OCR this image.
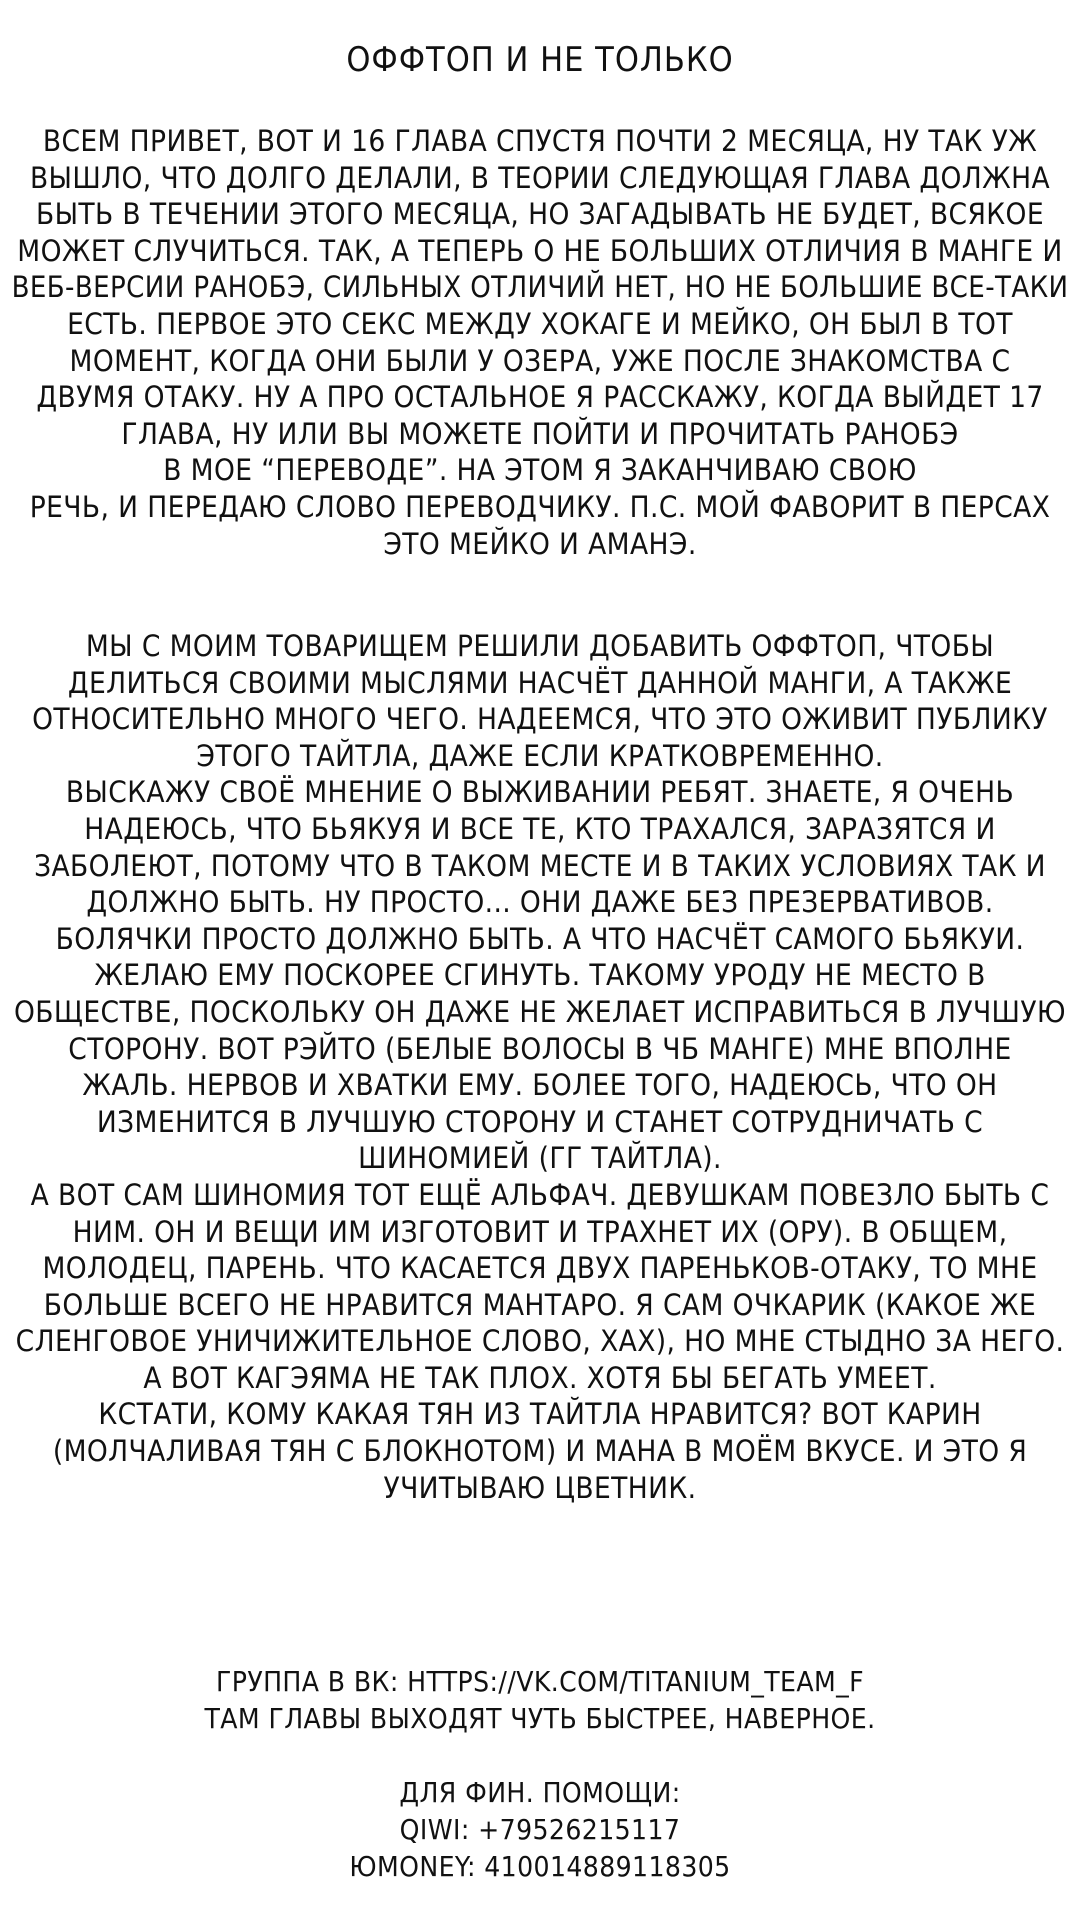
ОФФТОП И НЕ ТОЛЬКО
ВСЕМ ПРИВЕТ, ВОТ И 16 ГЛАВА СПУСТЯ ПОЧТИ 2 МЕСЯЦА, НУ ТАК УЖ
ВЫШЛО, ЧТО ДОЛГО ДЕЛАЛИ, В ТЕОРИИ СЛЕДУЮЩАЯ ГЛАВА ДОЛЖНА
БЫТЬ В ТЕЧЕНИИ ЭТОГО МЕСЯЦА, НО ЗАГАДЫВАТЬ НЕ БУДЕТ, ВСЯКОЕ
МОЖЕТ СЛУЧИТЬСЯ. ТАК, А ТЕПЕРЬ О НЕ БОЛЬШИХ ОТЛИЧИЯ В МАНГЕ И
ВЕБ-ВЕРСИИ РАНОБЭ, СИЛЬНЫХ ОТЛИЧИЙ НЕТ, НО НЕ БОЛЬШИЕ ВСЕ-ТАКИ
ЕСТЬ. ПЕРВОЕ ЭТО СЕКС МЕЖДУ ХОКАГЕ И МЕЙКО, ОН БЫЛ В ТОТ
МОМЕНТ, КОГДА ОНИ БЫЛИ У ОЗЕРА, УЖЕ ПОСЛЕ ЗНАКОМСТВА С
ДВУМЯ ОТАКУ. НУ А ПРО ОСТАЛЬНОЕ Я РАССКАЖУ, КОГДА ВЫЙДЕТ 17
ГЛАВА, НУ ИЛИ ВЫ МОЖЕТЕ ПОЙТИ И ПРОЧИТАТЬ РАНОБЭ
В МОЕ “ПЕРЕВОДЕ”. НА ЭТОМ Я ЗАКАНЧИВАЮ СВОЮ
РЕЧЬ, И ПЕРЕДАЮ СЛОВО ПЕРЕВОДЧИКУ. П.С. МОЙ ФАВОРИТ В ПЕРСАХ
ЭТО МЕЙКО И АМАНЭ.
МЫ С МОИМ ТОВАРИЩЕМ РЕШИЛИ ДОБАВИТЬ ОФФТОП, ЧТОБЫ
ДЕЛИТЬСЯ СВОИМИ МЫСЛЯМИ НАСЧЁТ ДАННОЙ МАНГИ, А ТАКЖЕ
ОТНОСИТЕЛЬНО МНОГО ЧЕГО. НАДЕЕМСЯ, ЧТО ЭТО ОЖИВИТ ПУБЛИКУ
ЭТОГО ТАЙТЛА, ДАЖЕ ЕСЛИ КРАТКОВРЕМЕННО.
ВЫСКАЖУ СВОЁ МНЕНИЕ О ВЫЖИВАНИИ РЕБЯТ. ЗНАЕТЕ, Я ОЧЕНЬ
НАДЕЮСЬ, ЧТО БЬЯКУЯ И ВСЕ ТЕ, КТО ТРАХАЛСЯ, ЗАРАЗЯТСЯ И
ЗАБОЛЕЮТ, ПОТОМУ ЧТО В ТАКОМ МЕСТЕ И В ТАКИХ УСЛОВИЯХ ТАК И
ДОЛЖНО БЫТЬ. НУ ПРОСТО... ОНИ ДАЖЕ БЕЗ ПРЕЗЕРВАТИВОВ.
БОЛЯЧКИ ПРОСТО ДОЛЖНО БЫТЬ. А ЧТО НАСЧЁТ САМОГО БЬЯКУИ.
ЖЕЛАЮ ЕМУ ПОСКОРЕЕ СГИНУТЬ. ТАКОМУ УРОДУ НЕ МЕСТО В
ОБЩЕСТВЕ, ПОСКОЛЬКУ ОН ДАЖЕ НЕ ЖЕЛАЕТ ИСПРАВИТЬСЯ В ЛУЧШУЮ
СТОРОНУ. ВОТ РЭЙТО (БЕЛЫЕ ВОЛОСЫ В ЧБ МАНГЕ) МНЕ ВПОЛНЕ
ЖАЛЬ. НЕРВОВ И ХВАТКИ ЕМУ. БОЛЕЕ ТОГО, НАДЕЮСЬ, ЧТО ОН
ИЗМЕНИТСЯ В ЛУЧШУЮ СТОРОНУ И СТАНЕТ СОТРУДНИЧАТЬ С
ШИНОМИЕЙ (ГГ ТАЙТЛА).
А ВОТ САМ ШИНОМИЯ ТОТ ЕЩЁ АЛЬФАЧ. ДЕВУШКАМ ПОВЕЗЛО БЫТЬ С
НИМ. ОН И ВЕЩИ ИМ ИЗГОТОВИТ И ТРАХНЕТ ИХ (ОРУ). В ОБЩЕМ,
МОЛОДЕЦ, ПАРЕНЬ. ЧТО КАСАЕТСЯ ДВУХ ПАРЕНЬКОВ-ОТАКУ, ТО МНЕ
БОЛЬШЕ ВСЕГО НЕ НРАВИТСЯ МАНТАРО. Я САМ ОЧКАРИК (КАКОЕ ЖЕ
СЛЕНГОВОЕ УНИЧИЖИТЕЛЬНОЕ СЛОВО, ХАХ), НО МНЕ СТЫДНО ЗА НЕГО.
А ВОТ КАГЭЯМА НЕ ТАК ПЛОХ. ХОТЯ БЫ БЕГАТЬ УМЕЕТ.
КСТАТИ, КОМУ КАКАЯ ТЯН ИЗ ТАЙТЛА НРАВИТСЯ? ВОТ КАРИН
(МОЛЧАЛИВАЯ ТЯН С БЛОКНОТОМ) И МАНА В МОЁМ ВКУСЕ. И ЭТО Я
УЧИТЫВАЮ ЦВЕТНИК.
ГРУППА В ВК: HTTPS://VK.COM/TITANIUM_TEAM_F
ТАМ ГЛАВЫ ВЫХОДЯТ ЧУТЬ БЫСТРЕЕ, НАВЕРНОЕ.
ДЛЯ ФИН. ПОМОЩИ:
QIWI: +79526215117
ЮMONEY: 410014889118305
